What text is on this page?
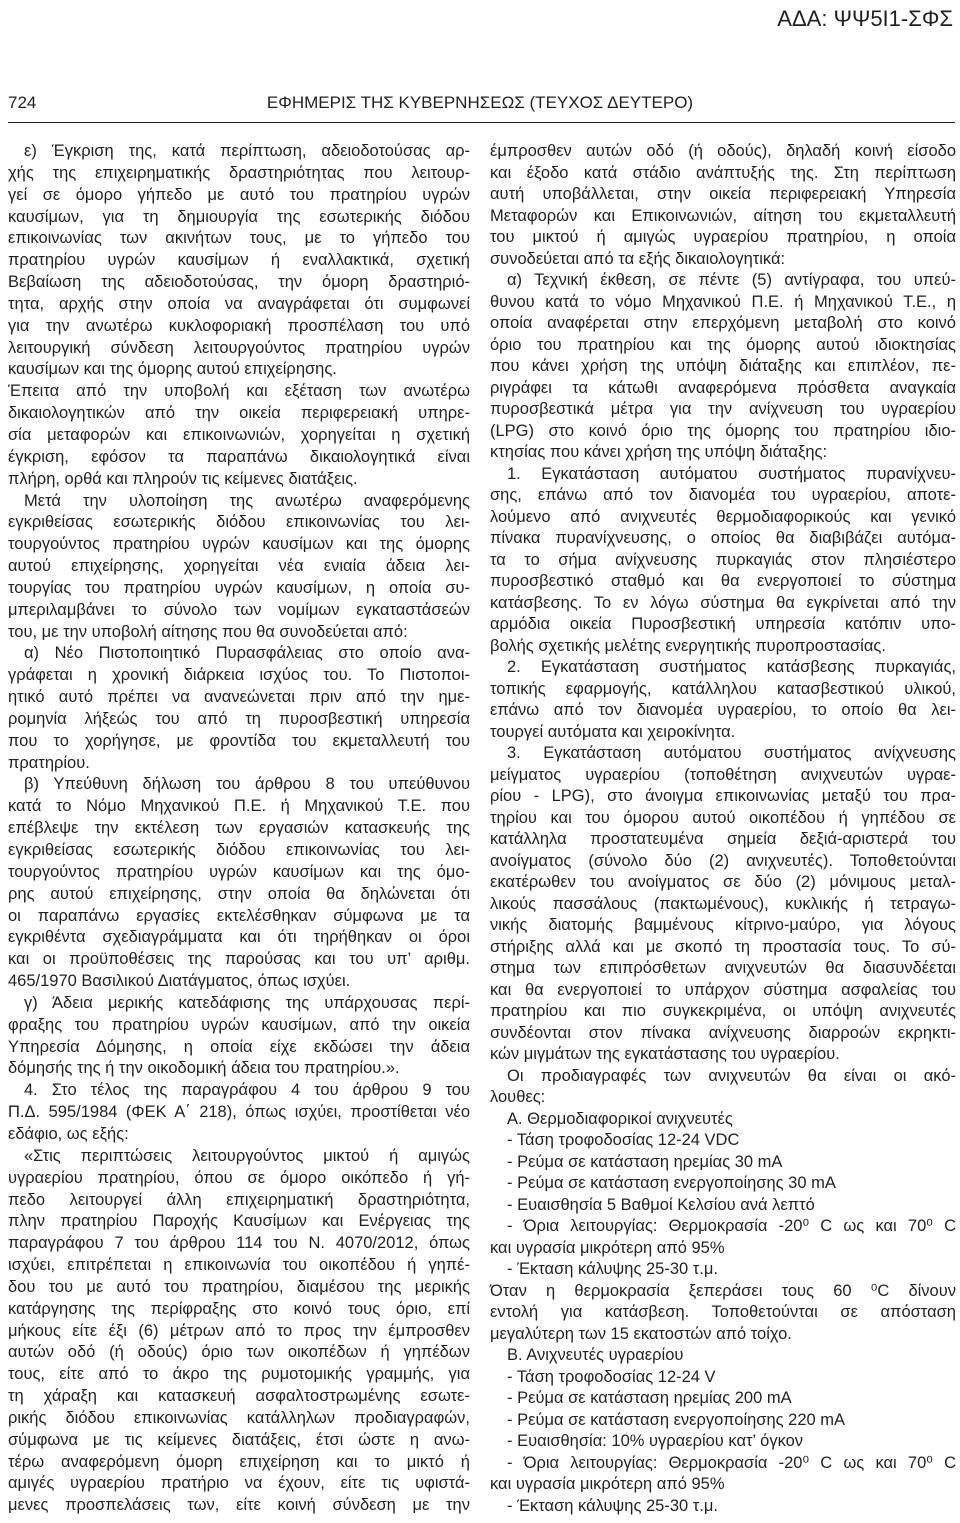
ΑΔΑ: ΨΨ5Ι1-ΣΦΣ
724	ΕΦΗΜΕΡΙΣ ΤΗΣ ΚΥΒΕΡΝΗΣΕΩΣ (ΤΕΥΧΟΣ ΔΕΥΤΕΡΟ)
ε) Έγκριση της, κατά περίπτωση, αδειοδοτούσας αρ-
χής της επιχειρηματικής δραστηριότητας που λειτουρ-
γεί σε όμορο γήπεδο με αυτό του πρατηρίου υγρών
καυσίμων, για τη δημιουργία της εσωτερικής διόδου
επικοινωνίας των ακινήτων τους, με το γήπεδο του
πρατηρίου υγρών καυσίμων ή εναλλακτικά, σχετική
Βεβαίωση της αδειοδοτούσας, την όμορη δραστηριό-
τητα, αρχής στην οποία να αναγράφεται ότι συμφωνεί
για την ανωτέρω κυκλοφοριακή προσπέλαση του υπό
λειτουργική σύνδεση λειτουργούντος πρατηρίου υγρών
καυσίμων και της όμορης αυτού επιχείρησης.
Έπειτα από την υποβολή και εξέταση των ανωτέρω
δικαιολογητικών από την οικεία περιφερειακή υπηρε-
σία μεταφορών και επικοινωνιών, χορηγείται η σχετική
έγκριση, εφόσον τα παραπάνω δικαιολογητικά είναι
πλήρη, ορθά και πληρούν τις κείμενες διατάξεις.
Μετά την υλοποίηση της ανωτέρω αναφερόμενης
εγκριθείσας εσωτερικής διόδου επικοινωνίας του λει-
τουργούντος πρατηρίου υγρών καυσίμων και της όμορης
αυτού επιχείρησης, χορηγείται νέα ενιαία άδεια λει-
τουργίας του πρατηρίου υγρών καυσίμων, η οποία συ-
μπεριλαμβάνει το σύνολο των νομίμων εγκαταστάσεών
του, με την υποβολή αίτησης που θα συνοδεύεται από:
α) Νέο Πιστοποιητικό Πυρασφάλειας στο οποίο ανα-
γράφεται η χρονική διάρκεια ισχύος του. Το Πιστοποι-
ητικό αυτό πρέπει να ανανεώνεται πριν από την ημε-
ρομηνία λήξεώς του από τη πυροσβεστική υπηρεσία
που το χορήγησε, με φροντίδα του εκμεταλλευτή του
πρατηρίου.
β) Υπεύθυνη δήλωση του άρθρου 8 του υπεύθυνου
κατά το Νόμο Μηχανικού Π.Ε. ή Μηχανικού Τ.Ε. που
επέβλεψε την εκτέλεση των εργασιών κατασκευής της
εγκριθείσας εσωτερικής διόδου επικοινωνίας του λει-
τουργούντος πρατηρίου υγρών καυσίμων και της όμο-
ρης αυτού επιχείρησης, στην οποία θα δηλώνεται ότι
οι παραπάνω εργασίες εκτελέσθηκαν σύμφωνα με τα
εγκριθέντα σχεδιαγράμματα και ότι τηρήθηκαν οι όροι
και οι προϋποθέσεις της παρούσας και του υπ’ αριθμ.
465/1970 Βασιλικού Διατάγματος, όπως ισχύει.
γ) Άδεια μερικής κατεδάφισης της υπάρχουσας περί-
φραξης του πρατηρίου υγρών καυσίμων, από την οικεία
Υπηρεσία Δόμησης, η οποία είχε εκδώσει την άδεια
δόμησής της ή την οικοδομική άδεια του πρατηρίου.».
4. Στο τέλος της παραγράφου 4 του άρθρου 9 του
Π.Δ. 595/1984 (ΦΕΚ Α΄ 218), όπως ισχύει, προστίθεται νέο
εδάφιο, ως εξής:
«Στις περιπτώσεις λειτουργούντος μικτού ή αμιγώς
υγραερίου πρατηρίου, όπου σε όμορο οικόπεδο ή γή-
πεδο λειτουργεί άλλη επιχειρηματική δραστηριότητα,
πλην πρατηρίου Παροχής Καυσίμων και Ενέργειας της
παραγράφου 7 του άρθρου 114 του Ν. 4070/2012, όπως
ισχύει, επιτρέπεται η επικοινωνία του οικοπέδου ή γηπέ-
δου του με αυτό του πρατηρίου, διαμέσου της μερικής
κατάργησης της περίφραξης στο κοινό τους όριο, επί
μήκους είτε έξι (6) μέτρων από το προς την έμπροσθεν
αυτών οδό (ή οδούς) όριο των οικοπέδων ή γηπέδων
τους, είτε από το άκρο της ρυμοτομικής γραμμής, για
τη χάραξη και κατασκευή ασφαλτοστρωμένης εσωτε-
ρικής διόδου επικοινωνίας κατάλληλων προδιαγραφών,
σύμφωνα με τις κείμενες διατάξεις, έτσι ώστε η ανω-
τέρω αναφερόμενη όμορη επιχείρηση και το μικτό ή
αμιγές υγραερίου πρατήριο να έχουν, είτε τις υφιστά-
μενες προσπελάσεις των, είτε κοινή σύνδεση με την
έμπροσθεν αυτών οδό (ή οδούς), δηλαδή κοινή είσοδο
και έξοδο κατά στάδιο ανάπτυξής της. Στη περίπτωση
αυτή υποβάλλεται, στην οικεία περιφερειακή Υπηρεσία
Μεταφορών και Επικοινωνιών, αίτηση του εκμεταλλευτή
του μικτού ή αμιγώς υγραερίου πρατηρίου, η οποία
συνοδεύεται από τα εξής δικαιολογητικά:
α) Τεχνική έκθεση, σε πέντε (5) αντίγραφα, του υπεύ-
θυνου κατά το νόμο Μηχανικού Π.Ε. ή Μηχανικού Τ.Ε., η
οποία αναφέρεται στην επερχόμενη μεταβολή στο κοινό
όριο του πρατηρίου και της όμορης αυτού ιδιοκτησίας
που κάνει χρήση της υπόψη διάταξης και επιπλέον, πε-
ριγράφει τα κάτωθι αναφερόμενα πρόσθετα αναγκαία
πυροσβεστικά μέτρα για την ανίχνευση του υγραερίου
(LPG) στο κοινό όριο της όμορης του πρατηρίου ιδιο-
κτησίας που κάνει χρήση της υπόψη διάταξης:
1. Εγκατάσταση αυτόματου συστήματος πυρανίχνευ-
σης, επάνω από τον διανομέα του υγραερίου, αποτε-
λούμενο από ανιχνευτές θερμοδιαφορικούς και γενικό
πίνακα πυρανίχνευσης, ο οποίος θα διαβιβάζει αυτόμα-
τα το σήμα ανίχνευσης πυρκαγιάς στον πλησιέστερο
πυροσβεστικό σταθμό και θα ενεργοποιεί το σύστημα
κατάσβεσης. Το εν λόγω σύστημα θα εγκρίνεται από την
αρμόδια οικεία Πυροσβεστική υπηρεσία κατόπιν υπο-
βολής σχετικής μελέτης ενεργητικής πυροπροστασίας.
2. Εγκατάσταση συστήματος κατάσβεσης πυρκαγιάς,
τοπικής εφαρμογής, κατάλληλου κατασβεστικού υλικού,
επάνω από τον διανομέα υγραερίου, το οποίο θα λει-
τουργεί αυτόματα και χειροκίνητα.
3. Εγκατάσταση αυτόματου συστήματος ανίχνευσης
μείγματος υγραερίου (τοποθέτηση ανιχνευτών υγραε-
ρίου - LPG), στο άνοιγμα επικοινωνίας μεταξύ του πρα-
τηρίου και του όμορου αυτού οικοπέδου ή γηπέδου σε
κατάλληλα προστατευμένα σημεία δεξιά-αριστερά του
ανοίγματος (σύνολο δύο (2) ανιχνευτές). Τοποθετούνται
εκατέρωθεν του ανοίγματος σε δύο (2) μόνιμους μεταλ-
λικούς πασσάλους (πακτωμένους), κυκλικής ή τετραγω-
νικής διατομής βαμμένους κίτρινο-μαύρο, για λόγους
στήριξης αλλά και με σκοπό τη προστασία τους. Το σύ-
στημα των επιπρόσθετων ανιχνευτών θα διασυνδέεται
και θα ενεργοποιεί το υπάρχον σύστημα ασφαλείας του
πρατηρίου και πιο συγκεκριμένα, οι υπόψη ανιχνευτές
συνδέονται στον πίνακα ανίχνευσης διαρροών εκρηκτι-
κών μιγμάτων της εγκατάστασης του υγραερίου.
Οι προδιαγραφές των ανιχνευτών θα είναι οι ακό-
λουθες:
Α. Θερμοδιαφορικοί ανιχνευτές
- Τάση τροφοδοσίας 12-24 VDC
- Ρεύμα σε κατάσταση ηρεμίας 30 mA
- Ρεύμα σε κατάσταση ενεργοποίησης 30 mA
- Ευαισθησία 5 Βαθμοί Κελσίου ανά λεπτό
- Όρια λειτουργίας: Θερμοκρασία -20⁰ C ως και 70⁰ C
και υγρασία μικρότερη από 95%
- Έκταση κάλυψης 25-30 τ.μ.
Όταν η θερμοκρασία ξεπεράσει τους 60 ⁰C δίνουν
εντολή για κατάσβεση. Τοποθετούνται σε απόσταση
μεγαλύτερη των 15 εκατοστών από τοίχο.
Β. Ανιχνευτές υγραερίου
- Τάση τροφοδοσίας 12-24 V
- Ρεύμα σε κατάσταση ηρεμίας 200 mA
- Ρεύμα σε κατάσταση ενεργοποίησης 220 mA
- Ευαισθησία: 10% υγραερίου κατ’ όγκον
- Όρια λειτουργίας: Θερμοκρασία -20⁰ C ως και 70⁰ C
και υγρασία μικρότερη από 95%
- Έκταση κάλυψης 25-30 τ.μ.
